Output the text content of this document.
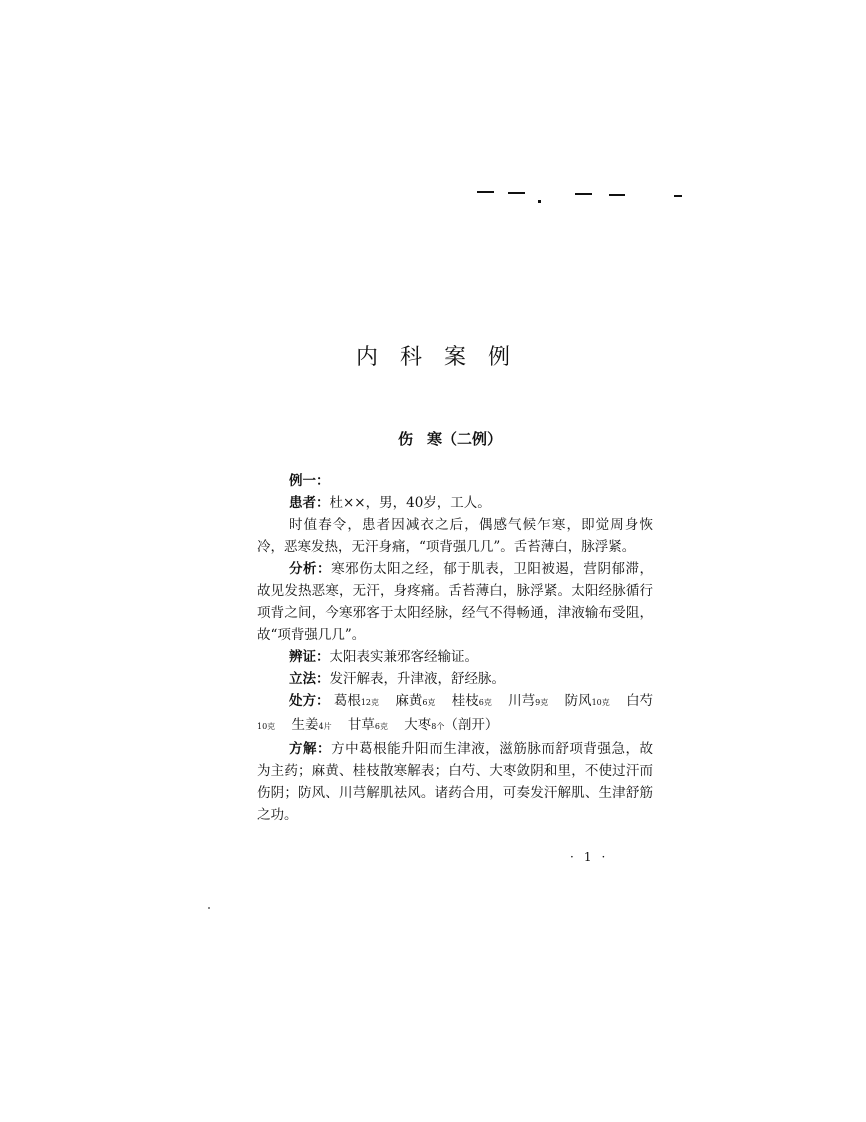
内科案例
伤 寒（二例）

例一：

患者：杜××，男，40岁，工人。

时值春令，患者因减衣之后，偶感气候乍寒，即觉周身恢冷，恶寒发热，无汗身痛，“项背强几几”。舌苔薄白，脉浮紧。

分析：寒邪伤太阳之经，郁于肌表，卫阳被遏，营阴郁滞，故见发热恶寒，无汗，身疼痛。舌苔薄白，脉浮紧。太阳经脉循行项背之间，今寒邪客于太阳经脉，经气不得畅通，津液输布受阻，故“项背强几几”。

辨证：太阳表实兼邪客经输证。

立法：发汗解表，升津液，舒经脉。

处方： 葛根12克 麻黄6克 桂枝6克 川芎9克 防风10克 白芍10克 生姜4片 甘草6克 大枣8个（剖开）

方解：方中葛根能升阳而生津液，滋筋脉而舒项背强急，故为主药；麻黄、桂枝散寒解表；白芍、大枣敛阴和里，不使过汗而伤阴；防风、川芎解肌祛风。诸药合用，可奏发汗解肌、生津舒筋之功。

·1·
